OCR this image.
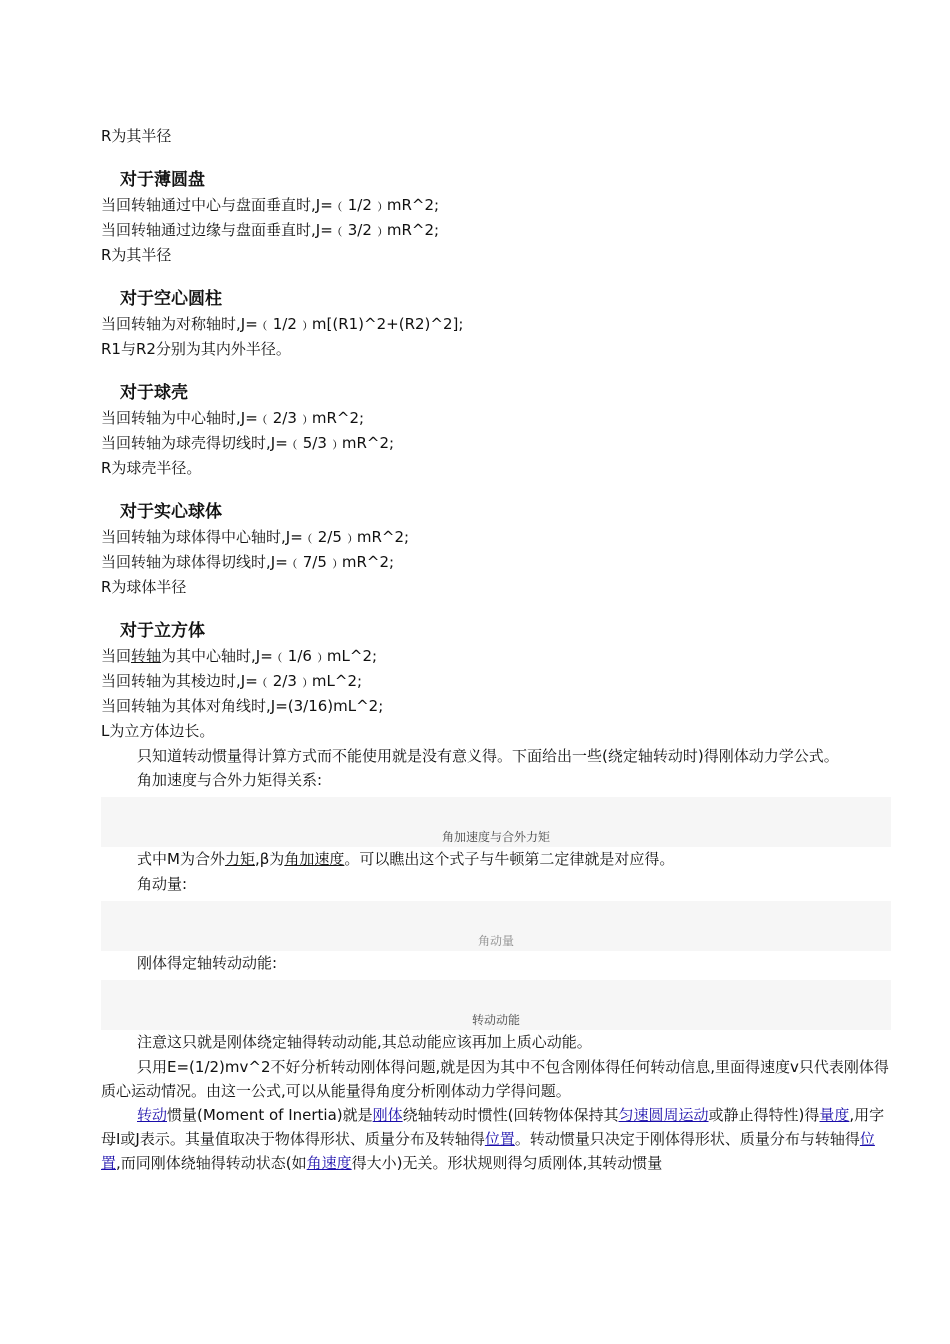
R为其半径
对于薄圆盘
当回转轴通过中心与盘面垂直时,J=﹙1/2﹚mR^2;
当回转轴通过边缘与盘面垂直时,J=﹙3/2﹚mR^2;
R为其半径
对于空心圆柱
当回转轴为对称轴时,J=﹙1/2﹚m[(R1)^2+(R2)^2];
R1与R2分别为其内外半径。
对于球壳
当回转轴为中心轴时,J=﹙2/3﹚mR^2;
当回转轴为球壳得切线时,J=﹙5/3﹚mR^2;
R为球壳半径。
对于实心球体
当回转轴为球体得中心轴时,J=﹙2/5﹚mR^2;
当回转轴为球体得切线时,J=﹙7/5﹚mR^2;
R为球体半径
对于立方体
当回转轴为其中心轴时,J=﹙1/6﹚mL^2;
当回转轴为其棱边时,J=﹙2/3﹚mL^2;
当回转轴为其体对角线时,J=(3/16)mL^2;
L为立方体边长。
只知道转动惯量得计算方式而不能使用就是没有意义得。下面给出一些(绕定轴转动时)得刚体动力学公式。
角加速度与合外力矩得关系:
角加速度与合外力矩
式中M为合外力矩,β为角加速度。可以瞧出这个式子与牛顿第二定律就是对应得。
角动量:
角动量
刚体得定轴转动动能:
转动动能
注意这只就是刚体绕定轴得转动动能,其总动能应该再加上质心动能。
只用E=(1/2)mv^2不好分析转动刚体得问题,就是因为其中不包含刚体得任何转动信息,里面得速度v只代表刚体得质心运动情况。由这一公式,可以从能量得角度分析刚体动力学得问题。
转动惯量(Moment of Inertia)就是刚体绕轴转动时惯性(回转物体保持其匀速圆周运动或静止得特性)得量度,用字母I或J表示。其量值取决于物体得形状、质量分布及转轴得位置。转动惯量只决定于刚体得形状、质量分布与转轴得位置,而同刚体绕轴得转动状态(如角速度得大小)无关。形状规则得匀质刚体,其转动惯量
